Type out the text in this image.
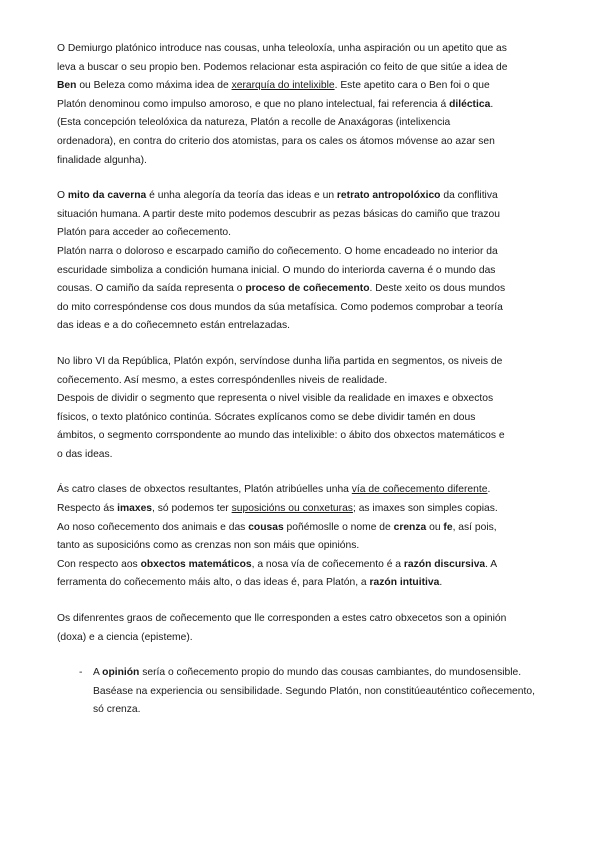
O Demiurgo platónico introduce nas cousas, unha teleoloxía, unha aspiración ou un apetito que as
leva a buscar o seu propio ben. Podemos relacionar esta aspiración co feito de que sitúe a idea de
Ben ou Beleza como máxima idea de xerarquía do intelixible. Este apetito cara o Ben foi o que
Platón denominou como impulso amoroso, e que no plano intelectual, fai referencia á diléctica.
(Esta concepción teleolóxica da natureza, Platón a recolle de Anaxágoras (intelixencia
ordenadora), en contra do criterio dos atomistas, para os cales os átomos móvense ao azar sen
finalidade algunha).

O mito da caverna é unha alegoría da teoría das ideas e un retrato antropolóxico da conflitiva
situación humana. A partir deste mito podemos descubrir as pezas básicas do camiño que trazou
Platón para acceder ao coñecemento.
Platón narra o doloroso e escarpado camiño do coñecemento. O home encadeado no interior da
escuridade simboliza a condición humana inicial. O mundo do interiorda caverna é o mundo das
cousas. O camiño da saída representa o proceso de coñecemento. Deste xeito os dous mundos
do mito correspóndense cos dous mundos da súa metafísica. Como podemos comprobar a teoría
das ideas e a do coñecemneto están entrelazadas.

No libro VI da República, Platón expón, servíndose dunha liña partida en segmentos, os niveis de
coñecemento. Así mesmo, a estes correspóndenlles niveis de realidade.
Despois de dividir o segmento que representa o nivel visible da realidade en imaxes e obxectos
físicos, o texto platónico continúa. Sócrates explícanos como se debe dividir tamén en dous
ámbitos, o segmento corrspondente ao mundo das intelixible: o ábito dos obxectos matemáticos e
o das ideas.

Ás catro clases de obxectos resultantes, Platón atribúelles unha vía de coñecemento diferente.
Respecto ás imaxes, só podemos ter suposicións ou conxeturas; as imaxes son simples copias.
Ao noso coñecemento dos animais e das cousas poñémoslle o nome de crenza ou fe, así pois,
tanto as suposicións como as crenzas non son máis que opinións.
Con respecto aos obxectos matemáticos, a nosa vía de coñecemento é a razón discursiva. A
ferramenta do coñecemento máis alto, o das ideas é, para Platón, a razón intuitiva.

Os difenrentes graos de coñecemento que lle corresponden a estes catro obxecetos son a opinión
(doxa) e a ciencia (episteme).

- A opinión sería o coñecemento propio do mundo das cousas cambiantes, do mundosensible. Baséase na experiencia ou sensibilidade. Segundo Platón, non constitúeauténtico coñecemento, só crenza.
